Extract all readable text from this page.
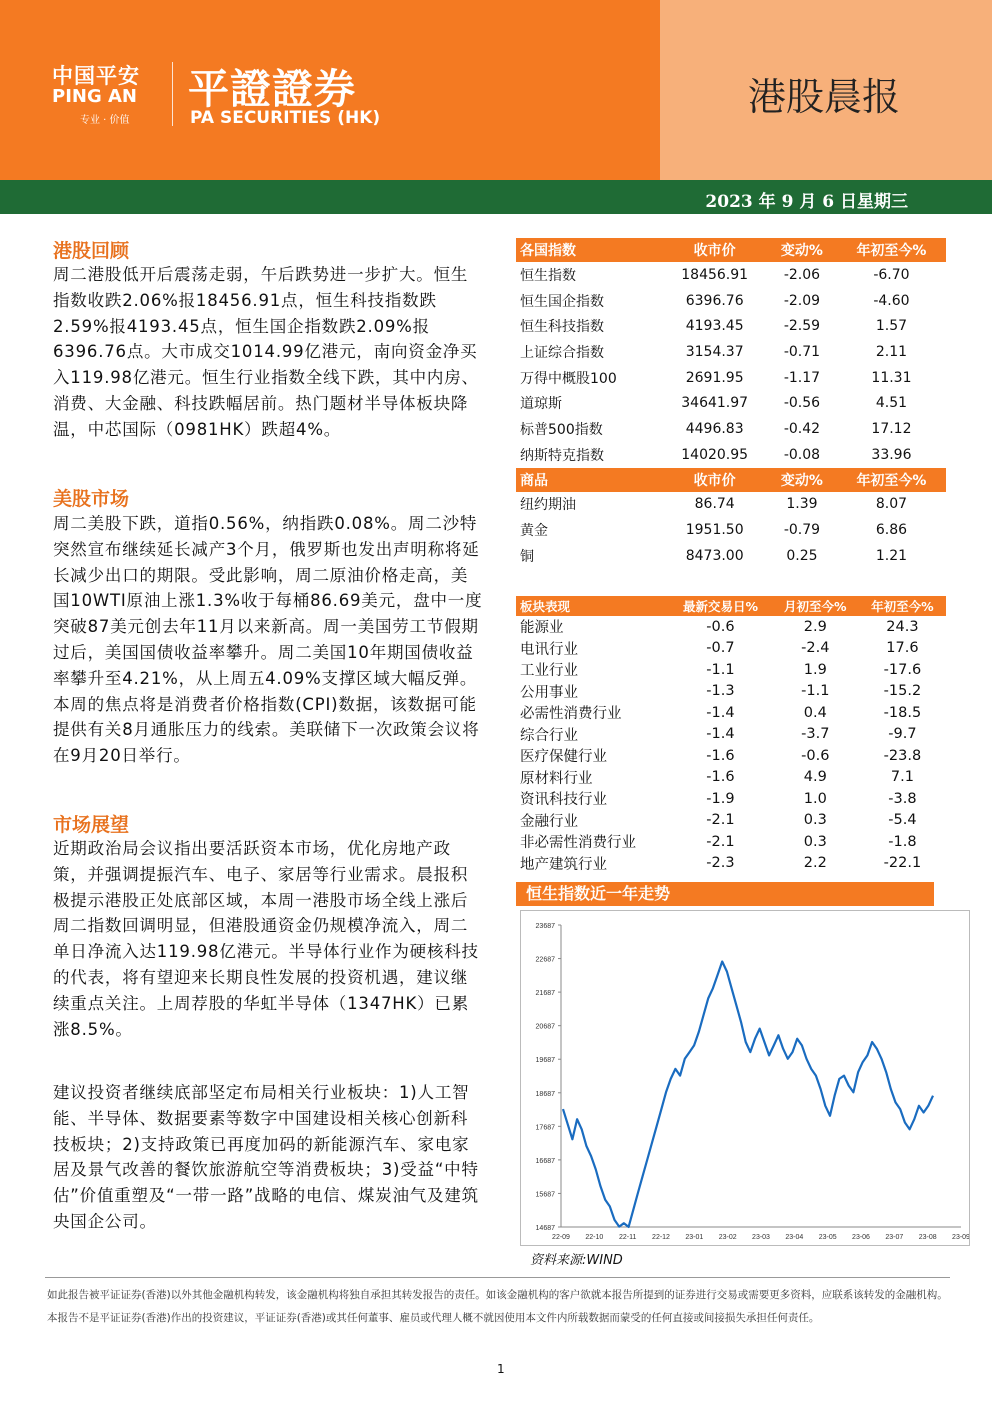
中国平安
PING AN
专业 · 价值
平證證券
PA SECURITIES (HK)	港股晨报
2023 年 9 月 6 日星期三
港股回顾
周二港股低开后震荡走弱，午后跌势进一步扩大。恒生指数收跌2.06%报18456.91点，恒生科技指数跌2.59%报4193.45点，恒生国企指数跌2.09%报6396.76点。大市成交1014.99亿港元，南向资金净买入119.98亿港元。恒生行业指数全线下跌，其中内房、消费、大金融、科技跌幅居前。热门题材半导体板块降温，中芯国际（0981HK）跌超4%。
美股市场
周二美股下跌，道指0.56%，纳指跌0.08%。周二沙特突然宣布继续延长减产3个月，俄罗斯也发出声明称将延长减少出口的期限。受此影响，周二原油价格走高，美国10WTI原油上涨1.3%收于每桶86.69美元，盘中一度突破87美元创去年11月以来新高。周一美国劳工节假期过后，美国国债收益率攀升。周二美国10年期国债收益率攀升至4.21%，从上周五4.09%支撑区域大幅反弹。本周的焦点将是消费者价格指数(CPI)数据，该数据可能提供有关8月通胀压力的线索。美联储下一次政策会议将在9月20日举行。
市场展望
近期政治局会议指出要活跃资本市场，优化房地产政策，并强调提振汽车、电子、家居等行业需求。晨报积极提示港股正处底部区域，本周一港股市场全线上涨后周二指数回调明显，但港股通资金仍规模净流入，周二单日净流入达119.98亿港元。半导体行业作为硬核科技的代表，将有望迎来长期良性发展的投资机遇，建议继续重点关注。上周荐股的华虹半导体（1347HK）已累涨8.5%。
建议投资者继续底部坚定布局相关行业板块：1)人工智能、半导体、数据要素等数字中国建设相关核心创新科技板块；2)支持政策已再度加码的新能源汽车、家电家居及景气改善的餐饮旅游航空等消费板块；3)受益“中特估”价值重塑及“一带一路”战略的电信、煤炭油气及建筑央国企公司。
各国指数	收市价	变动%	年初至今%
恒生指数	18456.91	-2.06	-6.70
恒生国企指数	6396.76	-2.09	-4.60
恒生科技指数	4193.45	-2.59	1.57
上证综合指数	3154.37	-0.71	2.11
万得中概股100	2691.95	-1.17	11.31
道琼斯	34641.97	-0.56	4.51
标普500指数	4496.83	-0.42	17.12
纳斯特克指数	14020.95	-0.08	33.96
商品	收市价	变动%	年初至今%
纽约期油	86.74	1.39	8.07
黄金	1951.50	-0.79	6.86
铜	8473.00	0.25	1.21
板块表现	最新交易日%	月初至今%	年初至今%
能源业	-0.6	2.9	24.3
电讯行业	-0.7	-2.4	17.6
工业行业	-1.1	1.9	-17.6
公用事业	-1.3	-1.1	-15.2
必需性消费行业	-1.4	0.4	-18.5
综合行业	-1.4	-3.7	-9.7
医疗保健行业	-1.6	-0.6	-23.8
原材料行业	-1.6	4.9	7.1
资讯科技行业	-1.9	1.0	-3.8
金融行业	-2.1	0.3	-5.4
非必需性消费行业	-2.1	0.3	-1.8
地产建筑行业	-2.3	2.2	-22.1
恒生指数近一年走势
14687
15687
16687
17687
18687
19687
20687
21687
22687
23687
22-09 22-10 22-11 22-12 23-01 23-02 23-03 23-04 23-05 23-06 23-07 23-08 23-09
资料来源:WIND
如此报告被平证证券(香港)以外其他金融机构转发，该金融机构将独自承担其转发报告的责任。如该金融机构的客户欲就本报告所提到的证券进行交易或需要更多资料，应联系该转发的金融机构。本报告不是平证证券(香港)作出的投资建议，平证证券(香港)或其任何董事、雇员或代理人概不就因使用本文件内所载数据而蒙受的任何直接或间接损失承担任何责任。
1
